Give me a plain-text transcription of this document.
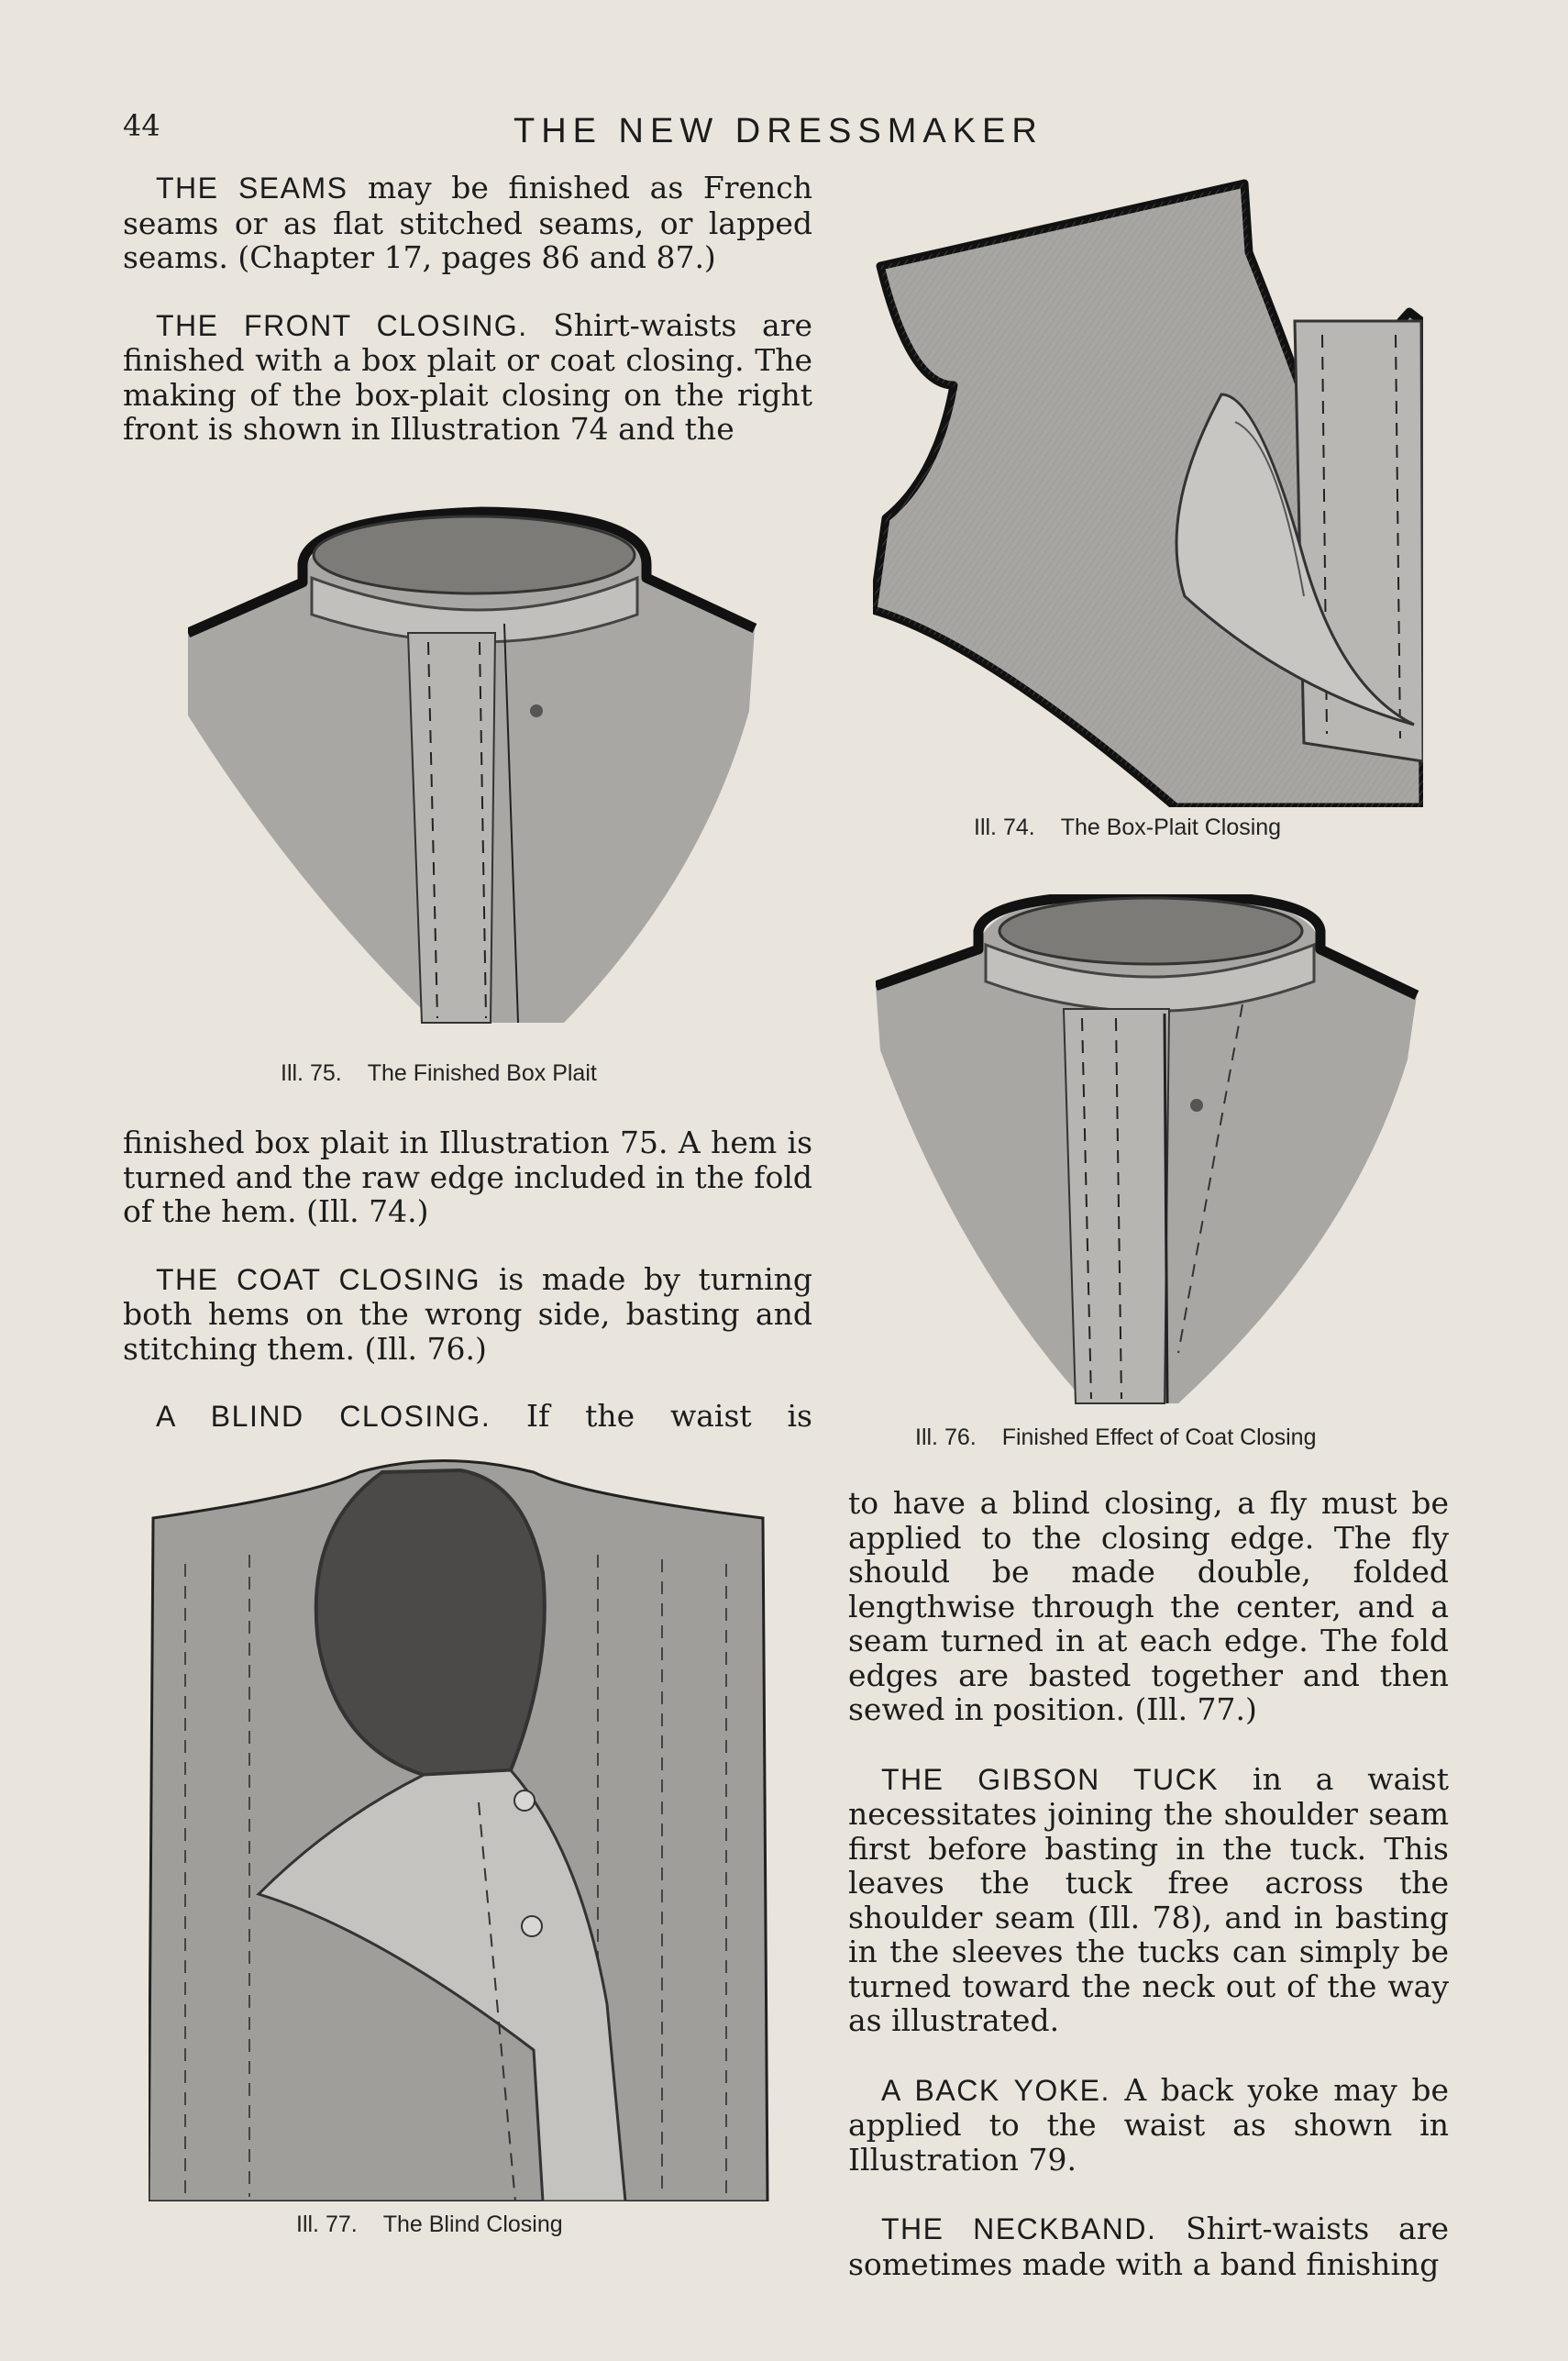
44	THE NEW DRESSMAKER

THE SEAMS may be finished as French seams or as flat stitched seams, or lapped seams. (Chapter 17, pages 86 and 87.)

THE FRONT CLOSING. Shirt-waists are finished with a box plait or coat closing. The making of the box-plait closing on the right front is shown in Illustration 74 and the

Ill. 74. The Box-Plait Closing
Ill. 75. The Finished Box Plait

finished box plait in Illustration 75. A hem is turned and the raw edge included in the fold of the hem. (Ill. 74.)

THE COAT CLOSING is made by turning both hems on the wrong side, basting and stitching them. (Ill. 76.)

A BLIND CLOSING. If the waist is

Ill. 76. Finished Effect of Coat Closing
Ill. 77. The Blind Closing

to have a blind closing, a fly must be applied to the closing edge. The fly should be made double, folded lengthwise through the center, and a seam turned in at each edge. The fold edges are basted together and then sewed in position. (Ill. 77.)

THE GIBSON TUCK in a waist necessitates joining the shoulder seam first before basting in the tuck. This leaves the tuck free across the shoulder seam (Ill. 78), and in basting in the sleeves the tucks can simply be turned toward the neck out of the way as illustrated.

A BACK YOKE. A back yoke may be applied to the waist as shown in Illustration 79.

THE NECKBAND. Shirt-waists are sometimes made with a band finishing
